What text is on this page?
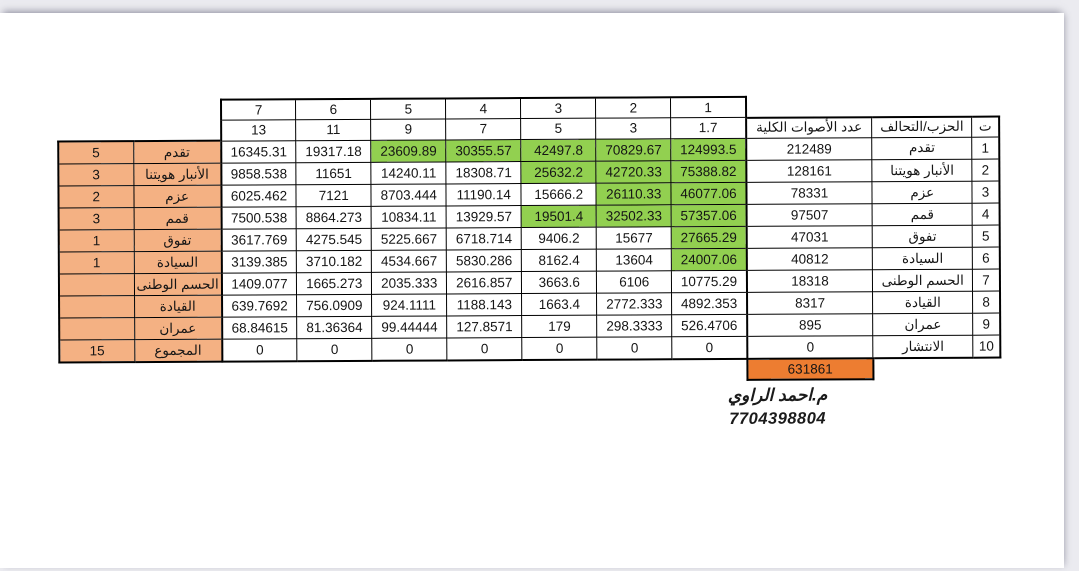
		7	6	5	4	3	2	1			
		13	11	9	7	5	3	1.7	عدد الأصوات الكلية	الحزب/التحالف	ت
5	تقدم	16345.31	19317.18	23609.89	30355.57	42497.8	70829.67	124993.5	212489	تقدم	1
3	الأنبار هويتنا	9858.538	11651	14240.11	18308.71	25632.2	42720.33	75388.82	128161	الأنبار هويتنا	2
2	عزم	6025.462	7121	8703.444	11190.14	15666.2	26110.33	46077.06	78331	عزم	3
3	قمم	7500.538	8864.273	10834.11	13929.57	19501.4	32502.33	57357.06	97507	قمم	4
1	تفوق	3617.769	4275.545	5225.667	6718.714	9406.2	15677	27665.29	47031	تفوق	5
1	السيادة	3139.385	3710.182	4534.667	5830.286	8162.4	13604	24007.06	40812	السيادة	6
	الحسم الوطنى	1409.077	1665.273	2035.333	2616.857	3663.6	6106	10775.29	18318	الحسم الوطنى	7
	القيادة	639.7692	756.0909	924.1111	1188.143	1663.4	2772.333	4892.353	8317	القيادة	8
	عمران	68.84615	81.36364	99.44444	127.8571	179	298.3333	526.4706	895	عمران	9
15	المجموع	0	0	0	0	0	0	0	0	الانتشار	10
									631861		
م.احمد الراوي
7704398804
